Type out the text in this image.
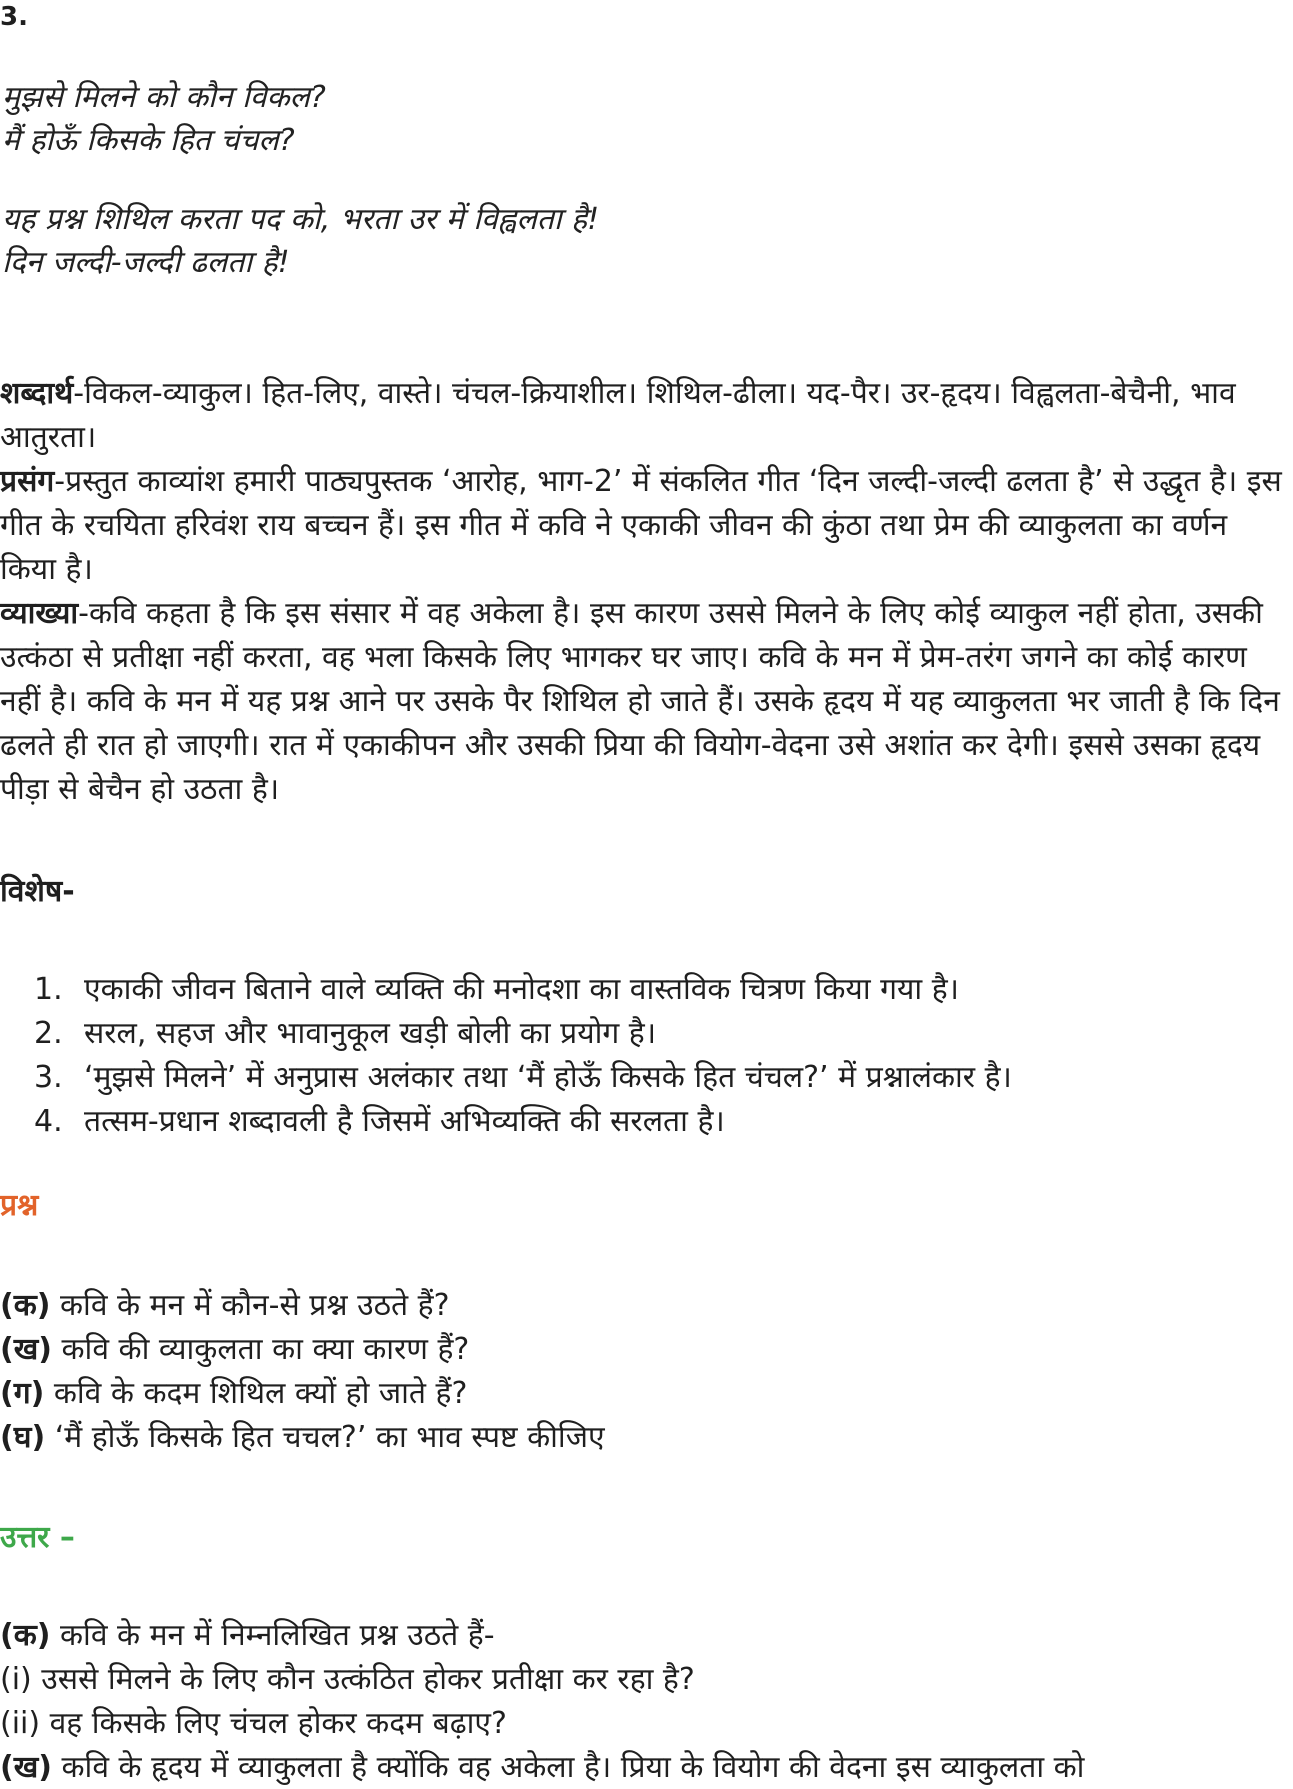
3.
मुझसे मिलने को कौन विकल?
मैं होऊँ किसके हित चंचल?
यह प्रश्न शिथिल करता पद को, भरता उर में विह्वलता है!
दिन जल्दी-जल्दी ढलता है!
शब्दार्थ-विकल-व्याकुल। हित-लिए, वास्ते। चंचल-क्रियाशील। शिथिल-ढीला। यद-पैर। उर-हृदय। विह्वलता-बेचैनी, भाव आतुरता।
प्रसंग-प्रस्तुत काव्यांश हमारी पाठ्यपुस्तक ‘आरोह, भाग-2’ में संकलित गीत ‘दिन जल्दी-जल्दी ढलता है’ से उद्धृत है। इस गीत के रचयिता हरिवंश राय बच्चन हैं। इस गीत में कवि ने एकाकी जीवन की कुंठा तथा प्रेम की व्याकुलता का वर्णन किया है।
व्याख्या-कवि कहता है कि इस संसार में वह अकेला है। इस कारण उससे मिलने के लिए कोई व्याकुल नहीं होता, उसकी उत्कंठा से प्रतीक्षा नहीं करता, वह भला किसके लिए भागकर घर जाए। कवि के मन में प्रेम-तरंग जगने का कोई कारण नहीं है। कवि के मन में यह प्रश्न आने पर उसके पैर शिथिल हो जाते हैं। उसके हृदय में यह व्याकुलता भर जाती है कि दिन ढलते ही रात हो जाएगी। रात में एकाकीपन और उसकी प्रिया की वियोग-वेदना उसे अशांत कर देगी। इससे उसका हृदय पीड़ा से बेचैन हो उठता है।
विशेष-
1. एकाकी जीवन बिताने वाले व्यक्ति की मनोदशा का वास्तविक चित्रण किया गया है।
2. सरल, सहज और भावानुकूल खड़ी बोली का प्रयोग है।
3. ‘मुझसे मिलने’ में अनुप्रास अलंकार तथा ‘मैं होऊँ किसके हित चंचल?’ में प्रश्नालंकार है।
4. तत्सम-प्रधान शब्दावली है जिसमें अभिव्यक्ति की सरलता है।
प्रश्न
(क) कवि के मन में कौन-से प्रश्न उठते हैं?
(ख) कवि की व्याकुलता का क्या कारण हैं?
(ग) कवि के कदम शिथिल क्यों हो जाते हैं?
(घ) ‘मैं होऊँ किसके हित चचल?’ का भाव स्पष्ट कीजिए
उत्तर –
(क) कवि के मन में निम्नलिखित प्रश्न उठते हैं-
(i) उससे मिलने के लिए कौन उत्कंठित होकर प्रतीक्षा कर रहा है?
(ii) वह किसके लिए चंचल होकर कदम बढ़ाए?
(ख) कवि के हृदय में व्याकुलता है क्योंकि वह अकेला है। प्रिया के वियोग की वेदना इस व्याकुलता को
